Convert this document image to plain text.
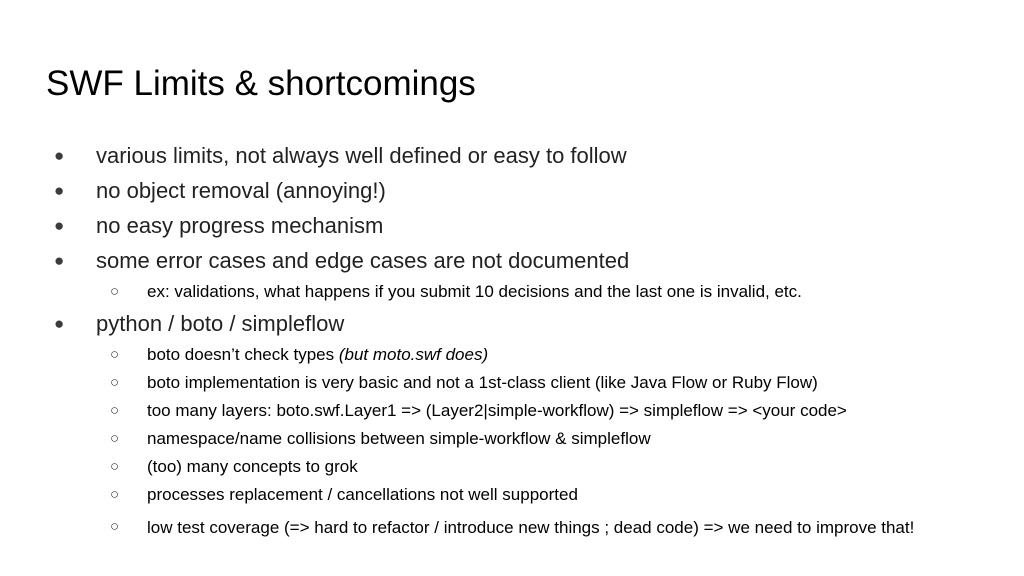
SWF Limits & shortcomings
● various limits, not always well defined or easy to follow
● no object removal (annoying!)
● no easy progress mechanism
● some error cases and edge cases are not documented
○ ex: validations, what happens if you submit 10 decisions and the last one is invalid, etc.
● python / boto / simpleflow
○ boto doesn’t check types (but moto.swf does)
○ boto implementation is very basic and not a 1st-class client (like Java Flow or Ruby Flow)
○ too many layers: boto.swf.Layer1 => (Layer2|simple-workflow) => simpleflow => <your code>
○ namespace/name collisions between simple-workflow & simpleflow
○ (too) many concepts to grok
○ processes replacement / cancellations not well supported
○ low test coverage (=> hard to refactor / introduce new things ; dead code) => we need to improve that!
